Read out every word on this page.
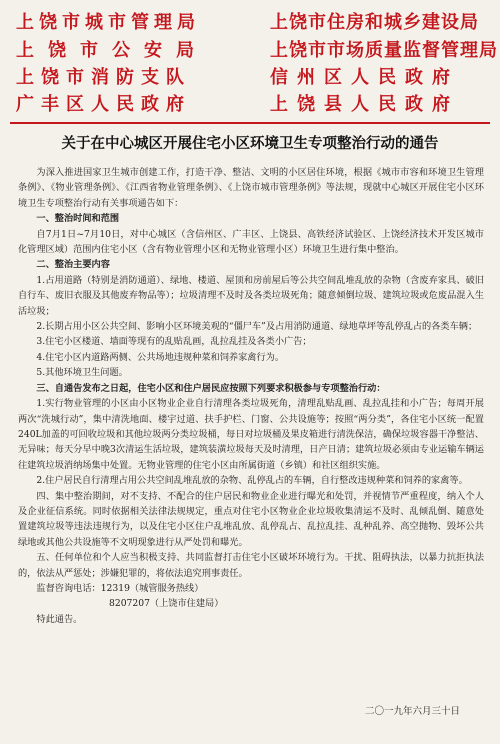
上饶市城市管理局	上饶市住房和城乡建设局
上饶市公安局	上饶市市场质量监督管理局
上饶市消防支队	信州区人民政府
广丰区人民政府	上饶县人民政府
关于在中心城区开展住宅小区环境卫生专项整治行动的通告

为深入推进国家卫生城市创建工作，打造干净、整洁、文明的小区居住环境，根据《城市市容和环境卫生管理条例》、《物业管理条例》、《江西省物业管理条例》、《上饶市城市管理条例》等法规，现就中心城区开展住宅小区环境卫生专项整治行动有关事项通告如下：

一、整治时间和范围

自7月1日~7月10日，对中心城区（含信州区、广丰区、上饶县、高铁经济试验区、上饶经济技术开发区城市化管理区域）范围内住宅小区（含有物业管理小区和无物业管理小区）环境卫生进行集中整治。

二、整治主要内容

1.占用道路（特别是消防通道）、绿地、楼道、屋顶和房前屋后等公共空间乱堆乱放的杂物（含废弃家具、破旧自行车、废旧衣服及其他废弃物品等）；垃圾清理不及时及各类垃圾死角；随意倾倒垃圾、建筑垃圾或危废品混入生活垃圾；

2.长期占用小区公共空间、影响小区环境美观的“僵尸车”及占用消防通道、绿地草坪等乱停乱占的各类车辆；

3.住宅小区楼道、墙面等现有的乱贴乱画，乱拉乱挂及各类小广告；

4.住宅小区内道路两侧、公共场地违规种菜和饲养家禽行为。

5.其他环境卫生问题。

三、自通告发布之日起，住宅小区和住户居民应按照下列要求积极参与专项整治行动：

1.实行物业管理的小区由小区物业企业自行清理各类垃圾死角，清理乱贴乱画、乱拉乱挂和小广告；每周开展两次“洗城行动”，集中清洗地面、楼宇过道、扶手护栏、门窗、公共设施等；按照“两分类”，各住宅小区统一配置240L加盖的可回收垃圾和其他垃圾两分类垃圾桶，每日对垃圾桶及果皮箱进行清洗保洁，确保垃圾容器干净整洁、无异味；每天分早中晚3次清运生活垃圾，建筑装潢垃圾每天及时清理，日产日清；建筑垃圾必须由专业运输车辆运往建筑垃圾消纳场集中处置。无物业管理的住宅小区由所属街道（乡镇）和社区组织实施。

2.住户居民自行清理占用公共空间乱堆乱放的杂物、乱停乱占的车辆，自行整改违规种菜和饲养的家禽等。

四、集中整治期间，对不支持、不配合的住户居民和物业企业进行曝光和处罚，并视情节严重程度，纳入个人及企业征信系统。同时依据相关法律法规规定，重点对住宅小区物业企业垃圾收集清运不及时、乱倾乱倒、随意处置建筑垃圾等违法违规行为，以及住宅小区住户乱堆乱放、乱停乱占、乱拉乱挂、乱种乱养、高空抛物、毁坏公共绿地或其他公共设施等不文明现象进行从严处罚和曝光。

五、任何单位和个人应当积极支持、共同监督打击住宅小区破坏环境行为。干扰、阻碍执法，以暴力抗拒执法的，依法从严惩处；涉嫌犯罪的，将依法追究刑事责任。

监督咨询电话：12319（城管服务热线）

8207207（上饶市住建局）

特此通告。

二〇一九年六月三十日
